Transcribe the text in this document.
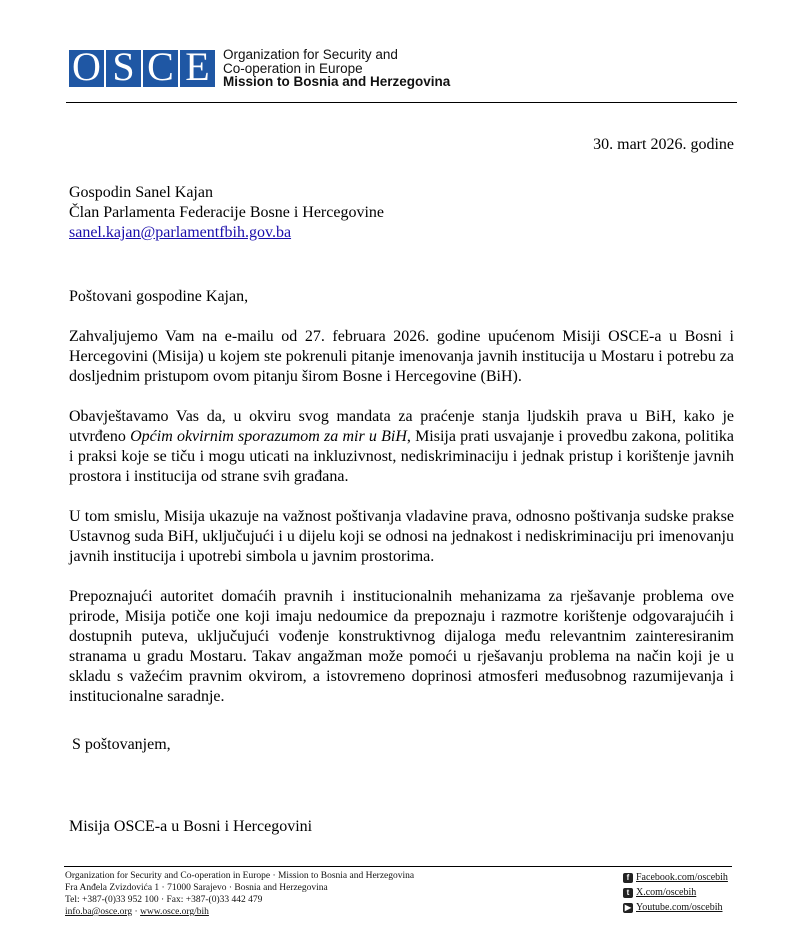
O S C E Organization for Security and
Co-operation in Europe
Mission to Bosnia and Herzegovina
30. mart 2026. godine
Gospodin Sanel Kajan
Član Parlamenta Federacije Bosne i Hercegovine
sanel.kajan@parlamentfbih.gov.ba

Poštovani gospodine Kajan,

Zahvaljujemo Vam na e-mailu od 27. februara 2026. godine upućenom Misiji OSCE-a u Bosni i Hercegovini (Misija) u kojem ste pokrenuli pitanje imenovanja javnih institucija u Mostaru i potrebu za dosljednim pristupom ovom pitanju širom Bosne i Hercegovine (BiH).

Obavještavamo Vas da, u okviru svog mandata za praćenje stanja ljudskih prava u BiH, kako je utvrđeno Općim okvirnim sporazumom za mir u BiH, Misija prati usvajanje i provedbu zakona, politika i praksi koje se tiču i mogu uticati na inkluzivnost, nediskriminaciju i jednak pristup i korištenje javnih prostora i institucija od strane svih građana.

U tom smislu, Misija ukazuje na važnost poštivanja vladavine prava, odnosno poštivanja sudske prakse Ustavnog suda BiH, uključujući i u dijelu koji se odnosi na jednakost i nediskriminaciju pri imenovanju javnih institucija i upotrebi simbola u javnim prostorima.

Prepoznajući autoritet domaćih pravnih i institucionalnih mehanizama za rješavanje problema ove prirode, Misija potiče one koji imaju nedoumice da prepoznaju i razmotre korištenje odgovarajućih i dostupnih puteva, uključujući vođenje konstruktivnog dijaloga među relevantnim zainteresiranim stranama u gradu Mostaru. Takav angažman može pomoći u rješavanju problema na način koji je u skladu s važećim pravnim okvirom, a istovremeno doprinosi atmosferi međusobnog razumijevanja i institucionalne saradnje.

S poštovanjem,
Misija OSCE-a u Bosni i Hercegovini
Organization for Security and Co-operation in Europe · Mission to Bosnia and Herzegovina
Fra Anđela Zvizdovića 1 · 71000 Sarajevo · Bosnia and Herzegovina
Tel: +387-(0)33 952 100 · Fax: +387-(0)33 442 479
info.ba@osce.org · www.osce.org/bih
f Facebook.com/oscebih
t X.com/oscebih
▶ Youtube.com/oscebih
